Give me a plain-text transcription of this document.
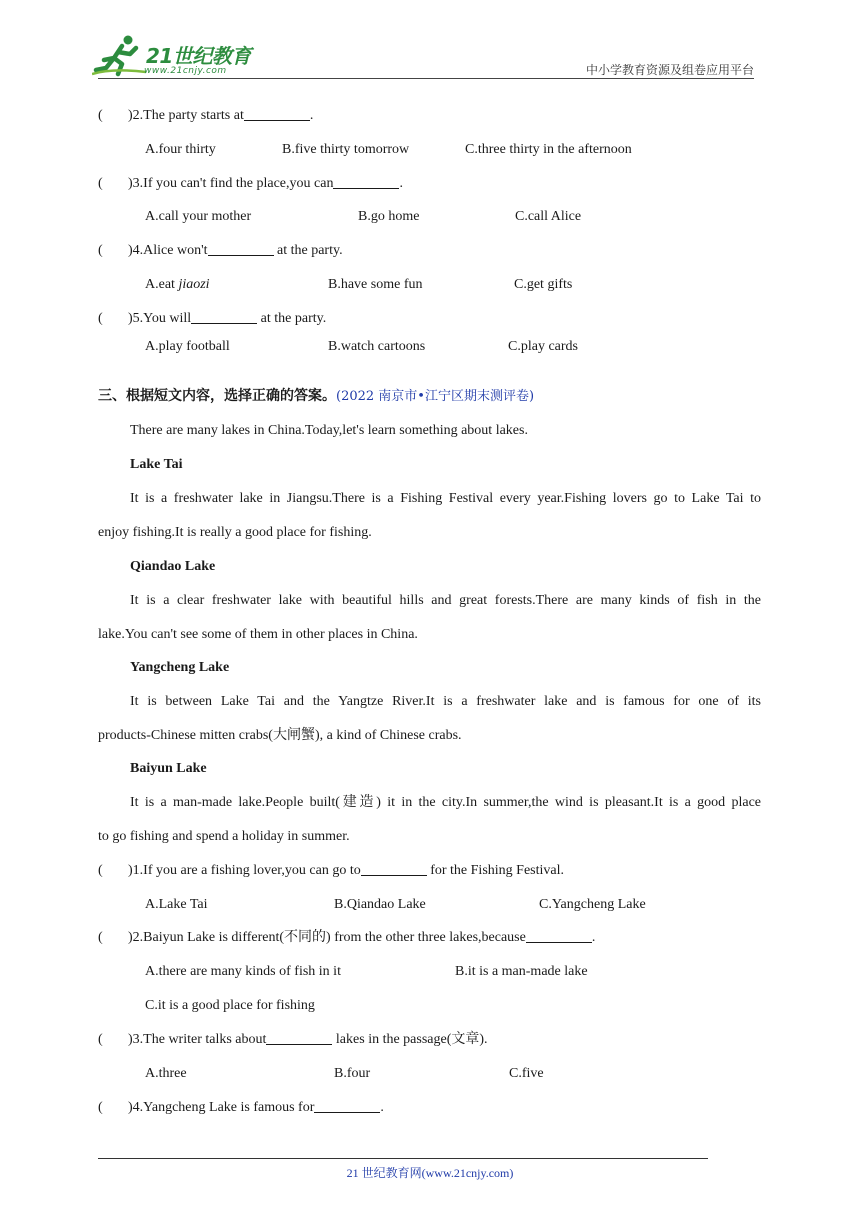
21世纪教育
www.21cnjy.com	中小学教育资源及组卷应用平台
( )2.The party starts at	.
A.four thirty	B.five thirty tomorrow	C.three thirty in the afternoon
( )3.If you can't find the place,you can	.
A.call your mother	B.go home	C.call Alice
( )4.Alice won't	at the party.
A.eat jiaozi	B.have some fun	C.get gifts
( )5.You will	at the party.
A.play football	B.watch cartoons	C.play cards
三、根据短文内容，选择正确的答案。(2022 南京市•江宁区期末测评卷)
There are many lakes in China.Today,let's learn something about lakes.
Lake Tai
It is a freshwater lake in Jiangsu.There is a Fishing Festival every year.Fishing lovers go to Lake Tai to
enjoy fishing.It is really a good place for fishing.
Qiandao Lake
It is a clear freshwater lake with beautiful hills and great forests.There are many kinds of fish in the
lake.You can't see some of them in other places in China.
Yangcheng Lake
It is between Lake Tai and the Yangtze River.It is a freshwater lake and is famous for one of its
products-Chinese mitten crabs(大闸蟹), a kind of Chinese crabs.
Baiyun Lake
It is a man-made lake.People built(建造) it in the city.In summer,the wind is pleasant.It is a good place
to go fishing and spend a holiday in summer.
( )1.If you are a fishing lover,you can go to	for the Fishing Festival.
A.Lake Tai	B.Qiandao Lake	C.Yangcheng Lake
( )2.Baiyun Lake is different(不同的) from the other three lakes,because	.
A.there are many kinds of fish in it	B.it is a man-made lake
C.it is a good place for fishing
( )3.The writer talks about	lakes in the passage(文章).
A.three	B.four	C.five
( )4.Yangcheng Lake is famous for	.
21 世纪教育网(www.21cnjy.com)
